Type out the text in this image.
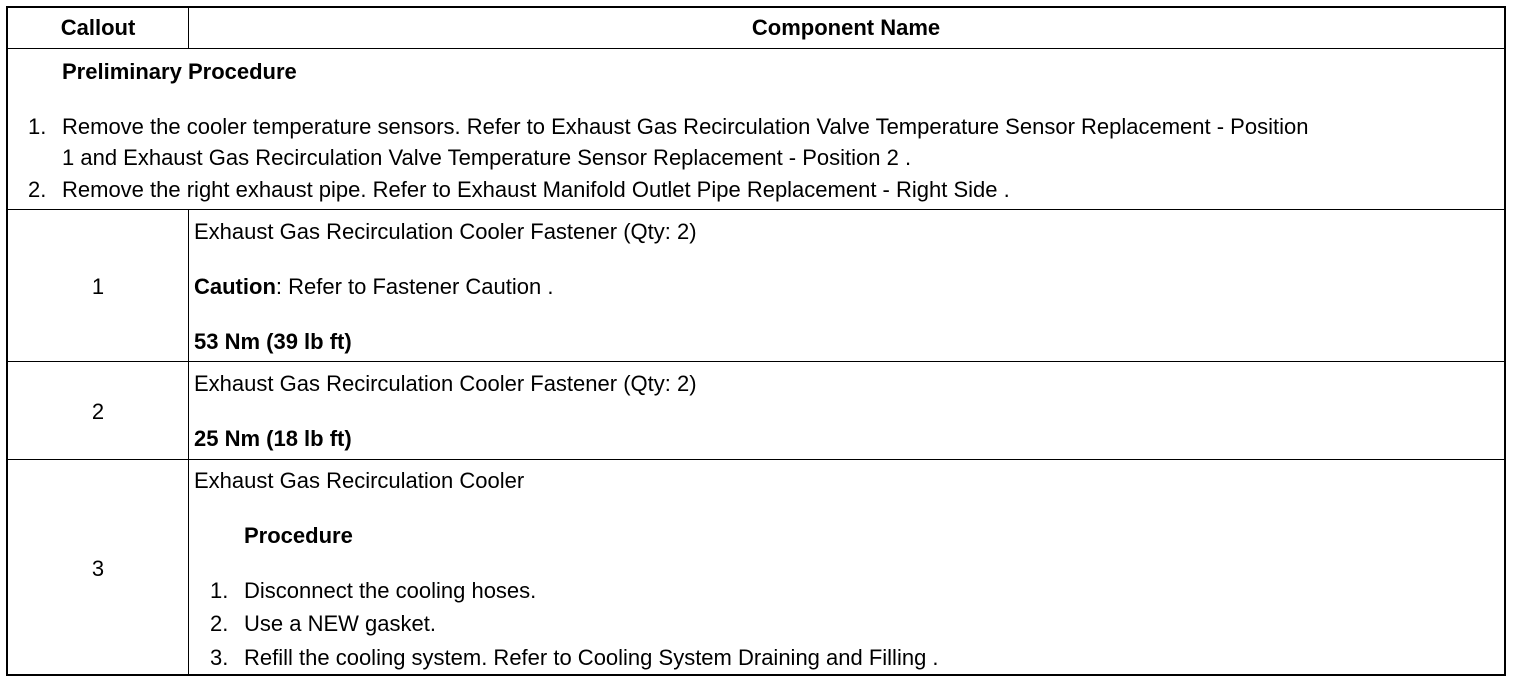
Callout	Component Name
Preliminary Procedure
1. Remove the cooler temperature sensors. Refer to Exhaust Gas Recirculation Valve Temperature Sensor Replacement - Position
1 and Exhaust Gas Recirculation Valve Temperature Sensor Replacement - Position 2 .
2. Remove the right exhaust pipe. Refer to Exhaust Manifold Outlet Pipe Replacement - Right Side .
1
Exhaust Gas Recirculation Cooler Fastener (Qty: 2)
Caution: Refer to Fastener Caution .
53 Nm (39 lb ft)
2
Exhaust Gas Recirculation Cooler Fastener (Qty: 2)
25 Nm (18 lb ft)
3
Exhaust Gas Recirculation Cooler
Procedure
1. Disconnect the cooling hoses.
2. Use a NEW gasket.
3. Refill the cooling system. Refer to Cooling System Draining and Filling .
